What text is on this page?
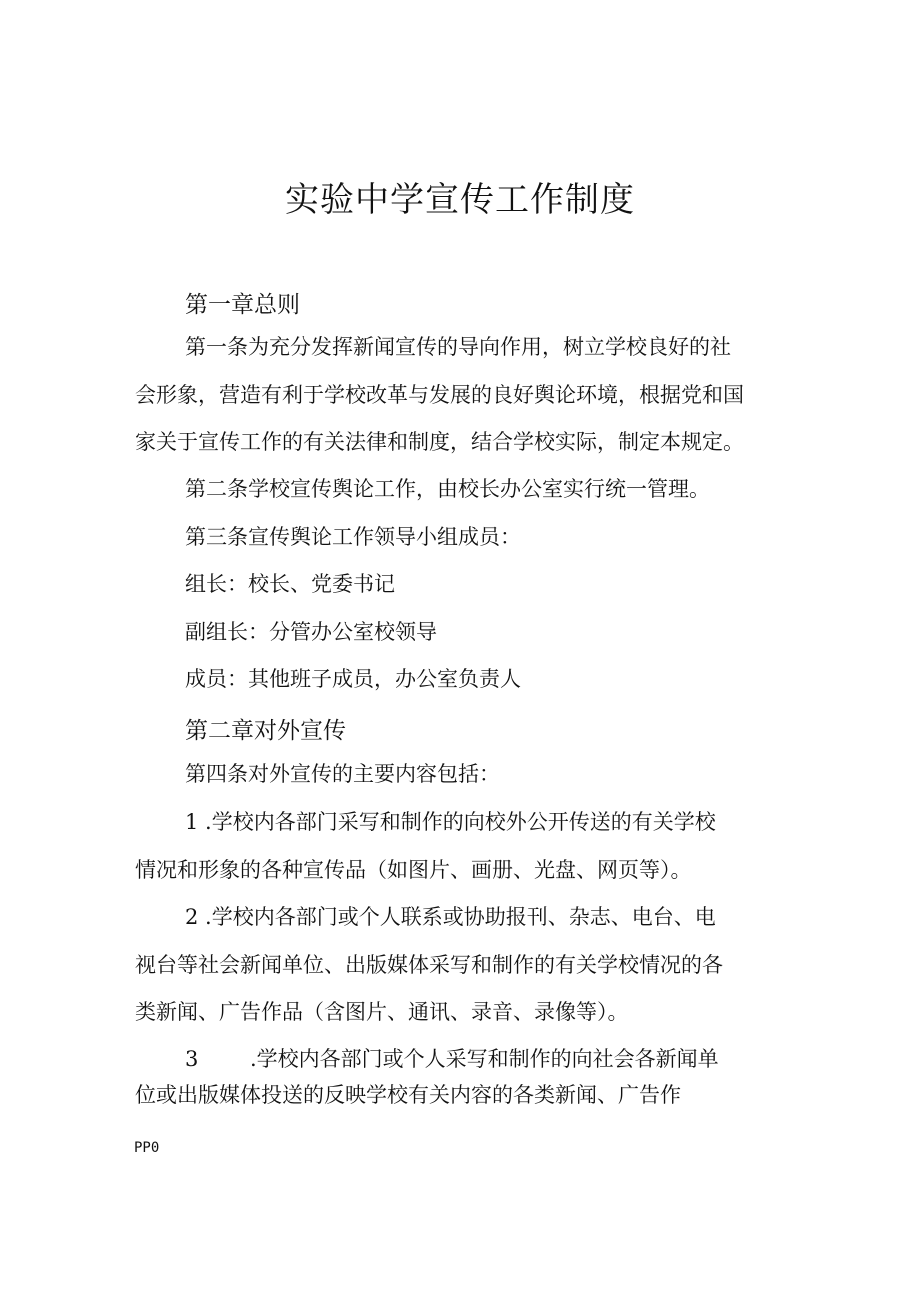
实验中学宣传工作制度
第一章总则
第一条为充分发挥新闻宣传的导向作用，树立学校良好的社
会形象，营造有利于学校改革与发展的良好舆论环境，根据党和国
家关于宣传工作的有关法律和制度，结合学校实际，制定本规定。
第二条学校宣传舆论工作，由校长办公室实行统一管理。
第三条宣传舆论工作领导小组成员：
组长：校长、党委书记
副组长：分管办公室校领导
成员：其他班子成员，办公室负责人
第二章对外宣传
第四条对外宣传的主要内容包括：
1 .学校内各部门采写和制作的向校外公开传送的有关学校
情况和形象的各种宣传品（如图片、画册、光盘、网页等）。
2 .学校内各部门或个人联系或协助报刊、杂志、电台、电
视台等社会新闻单位、出版媒体采写和制作的有关学校情况的各
类新闻、广告作品（含图片、通讯、录音、录像等）。
3 .学校内各部门或个人采写和制作的向社会各新闻单
位或出版媒体投送的反映学校有关内容的各类新闻、广告作
PP0
